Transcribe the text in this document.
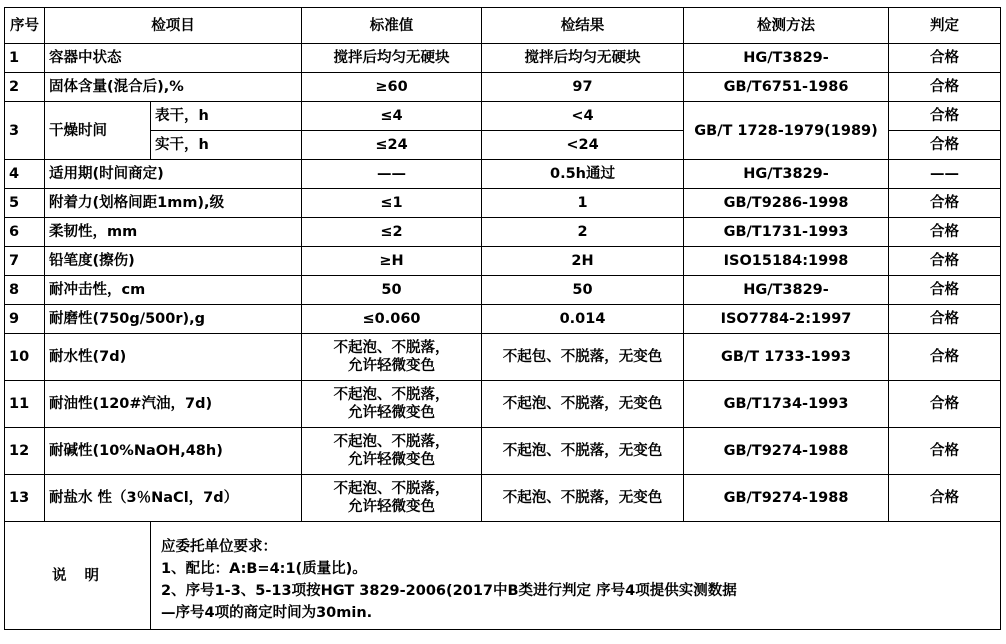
序号	检项目		标准值	检结果	检测方法	判定
1	容器中状态		搅拌后均匀无硬块	搅拌后均匀无硬块	HG/T3829-	合格
2	固体含量(混合后),%		≥60	97	GB/T6751-1986	合格
3	干燥时间	表干，h	≤4	<4	GB/T 1728-1979(1989)	合格
		实干，h	≤24	<24		合格
4	适用期(时间商定)		——	0.5h通过	HG/T3829-	——
5	附着力(划格间距1mm),级		≤1	1	GB/T9286-1998	合格
6	柔韧性，mm		≤2	2	GB/T1731-1993	合格
7	铅笔度(擦伤)		≥H	2H	ISO15184:1998	合格
8	耐冲击性，cm		50	50	HG/T3829-	合格
9	耐磨性(750g/500r),g		≤0.060	0.014	ISO7784-2:1997	合格
10	耐水性(7d)		不起泡、不脱落，
允许轻微变色	不起包、不脱落，无变色	GB/T 1733-1993	合格
11	耐油性(120#汽油，7d)		不起泡、不脱落，
允许轻微变色	不起泡、不脱落，无变色	GB/T1734-1993	合格
12	耐碱性(10%NaOH,48h)		不起泡、不脱落，
允许轻微变色	不起泡、不脱落，无变色	GB/T9274-1988	合格
13	耐盐水 性（3％NaCl，7d）		不起泡、不脱落，
允许轻微变色	不起泡、不脱落，无变色	GB/T9274-1988	合格
说明		应委托单位要求：
1、配比：A:B=4:1(质量比)。
2、序号1-3、5-13项按HGT 3829-2006(2017中B类进行判定 序号4项提供实测数据
—序号4项的商定时间为30min.				
